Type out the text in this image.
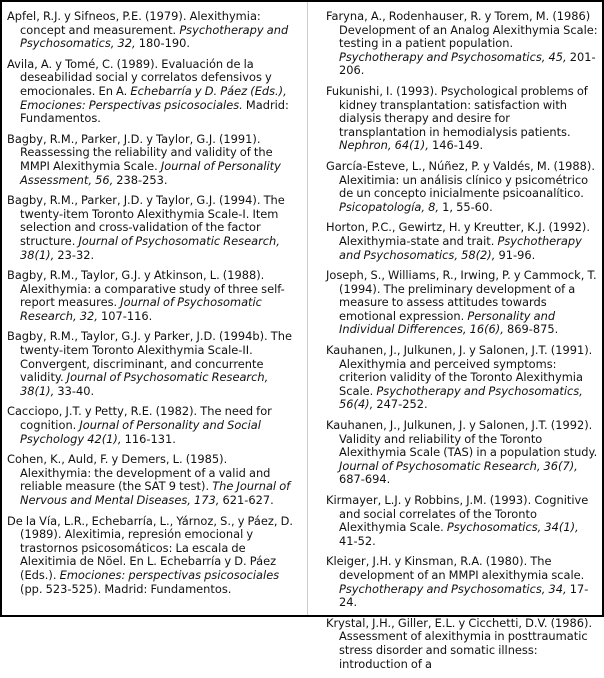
Apfel, R.J. y Sifneos, P.E. (1979). Alexithymia: concept and measurement. Psychotherapy and Psychosomatics, 32, 180-190.

Avila, A. y Tomé, C. (1989). Evaluación de la deseabilidad social y correlatos defensivos y emocionales. En A. Echebarría y D. Páez (Eds.), Emociones: Perspectivas psicosociales. Madrid: Fundamentos.

Bagby, R.M., Parker, J.D. y Taylor, G.J. (1991). Reassessing the reliability and validity of the MMPI Alexithymia Scale. Journal of Personality Assessment, 56, 238-253.

Bagby, R.M., Parker, J.D. y Taylor, G.J. (1994). The twenty-item Toronto Alexithymia Scale-I. Item selection and cross-validation of the factor structure. Journal of Psychosomatic Research, 38(1), 23-32.

Bagby, R.M., Taylor, G.J. y Atkinson, L. (1988). Alexithymia: a comparative study of three self-report measures. Journal of Psychosomatic Research, 32, 107-116.

Bagby, R.M., Taylor, G.J. y Parker, J.D. (1994b). The twenty-item Toronto Alexithymia Scale-II. Convergent, discriminant, and concurrente validity. Journal of Psychosomatic Research, 38(1), 33-40.

Cacciopo, J.T. y Petty, R.E. (1982). The need for cognition. Journal of Personality and Social Psychology 42(1), 116-131.

Cohen, K., Auld, F. y Demers, L. (1985). Alexithymia: the development of a valid and reliable measure (the SAT 9 test). The Journal of Nervous and Mental Diseases, 173, 621-627.

De la Vía, L.R., Echebarría, L., Yárnoz, S., y Páez, D. (1989). Alexitimia, represión emocional y trastornos psicosomáticos: La escala de Alexitimia de Nöel. En L. Echebarría y D. Páez (Eds.). Emociones: perspectivas psicosociales (pp. 523-525). Madrid: Fundamentos.

Faryna, A., Rodenhauser, R. y Torem, M. (1986) Development of an Analog Alexithymia Scale: testing in a patient population. Psychotherapy and Psychosomatics, 45, 201-206.

Fukunishi, I. (1993). Psychological problems of kidney transplantation: satisfaction with dialysis therapy and desire for transplantation in hemodialysis patients. Nephron, 64(1), 146-149.

García-Esteve, L., Núñez, P. y Valdés, M. (1988). Alexitimia: un análisis clínico y psicométrico de un concepto inicialmente psicoanalítico. Psicopatología, 8, 1, 55-60.

Horton, P.C., Gewirtz, H. y Kreutter, K.J. (1992). Alexithymia-state and trait. Psychotherapy and Psychosomatics, 58(2), 91-96.

Joseph, S., Williams, R., Irwing, P. y Cammock, T. (1994). The preliminary development of a measure to assess attitudes towards emotional expression. Personality and Individual Differences, 16(6), 869-875.

Kauhanen, J., Julkunen, J. y Salonen, J.T. (1991). Alexithymia and perceived symptoms: criterion validity of the Toronto Alexithymia Scale. Psychotherapy and Psychosomatics, 56(4), 247-252.

Kauhanen, J., Julkunen, J. y Salonen, J.T. (1992). Validity and reliability of the Toronto Alexithymia Scale (TAS) in a population study. Journal of Psychosomatic Research, 36(7), 687-694.

Kirmayer, L.J. y Robbins, J.M. (1993). Cognitive and social correlates of the Toronto Alexithymia Scale. Psychosomatics, 34(1), 41-52.

Kleiger, J.H. y Kinsman, R.A. (1980). The development of an MMPI alexithymia scale. Psychotherapy and Psychosomatics, 34, 17-24.

Krystal, J.H., Giller, E.L. y Cicchetti, D.V. (1986). Assessment of alexithymia in posttraumatic stress disorder and somatic illness: introduction of a
